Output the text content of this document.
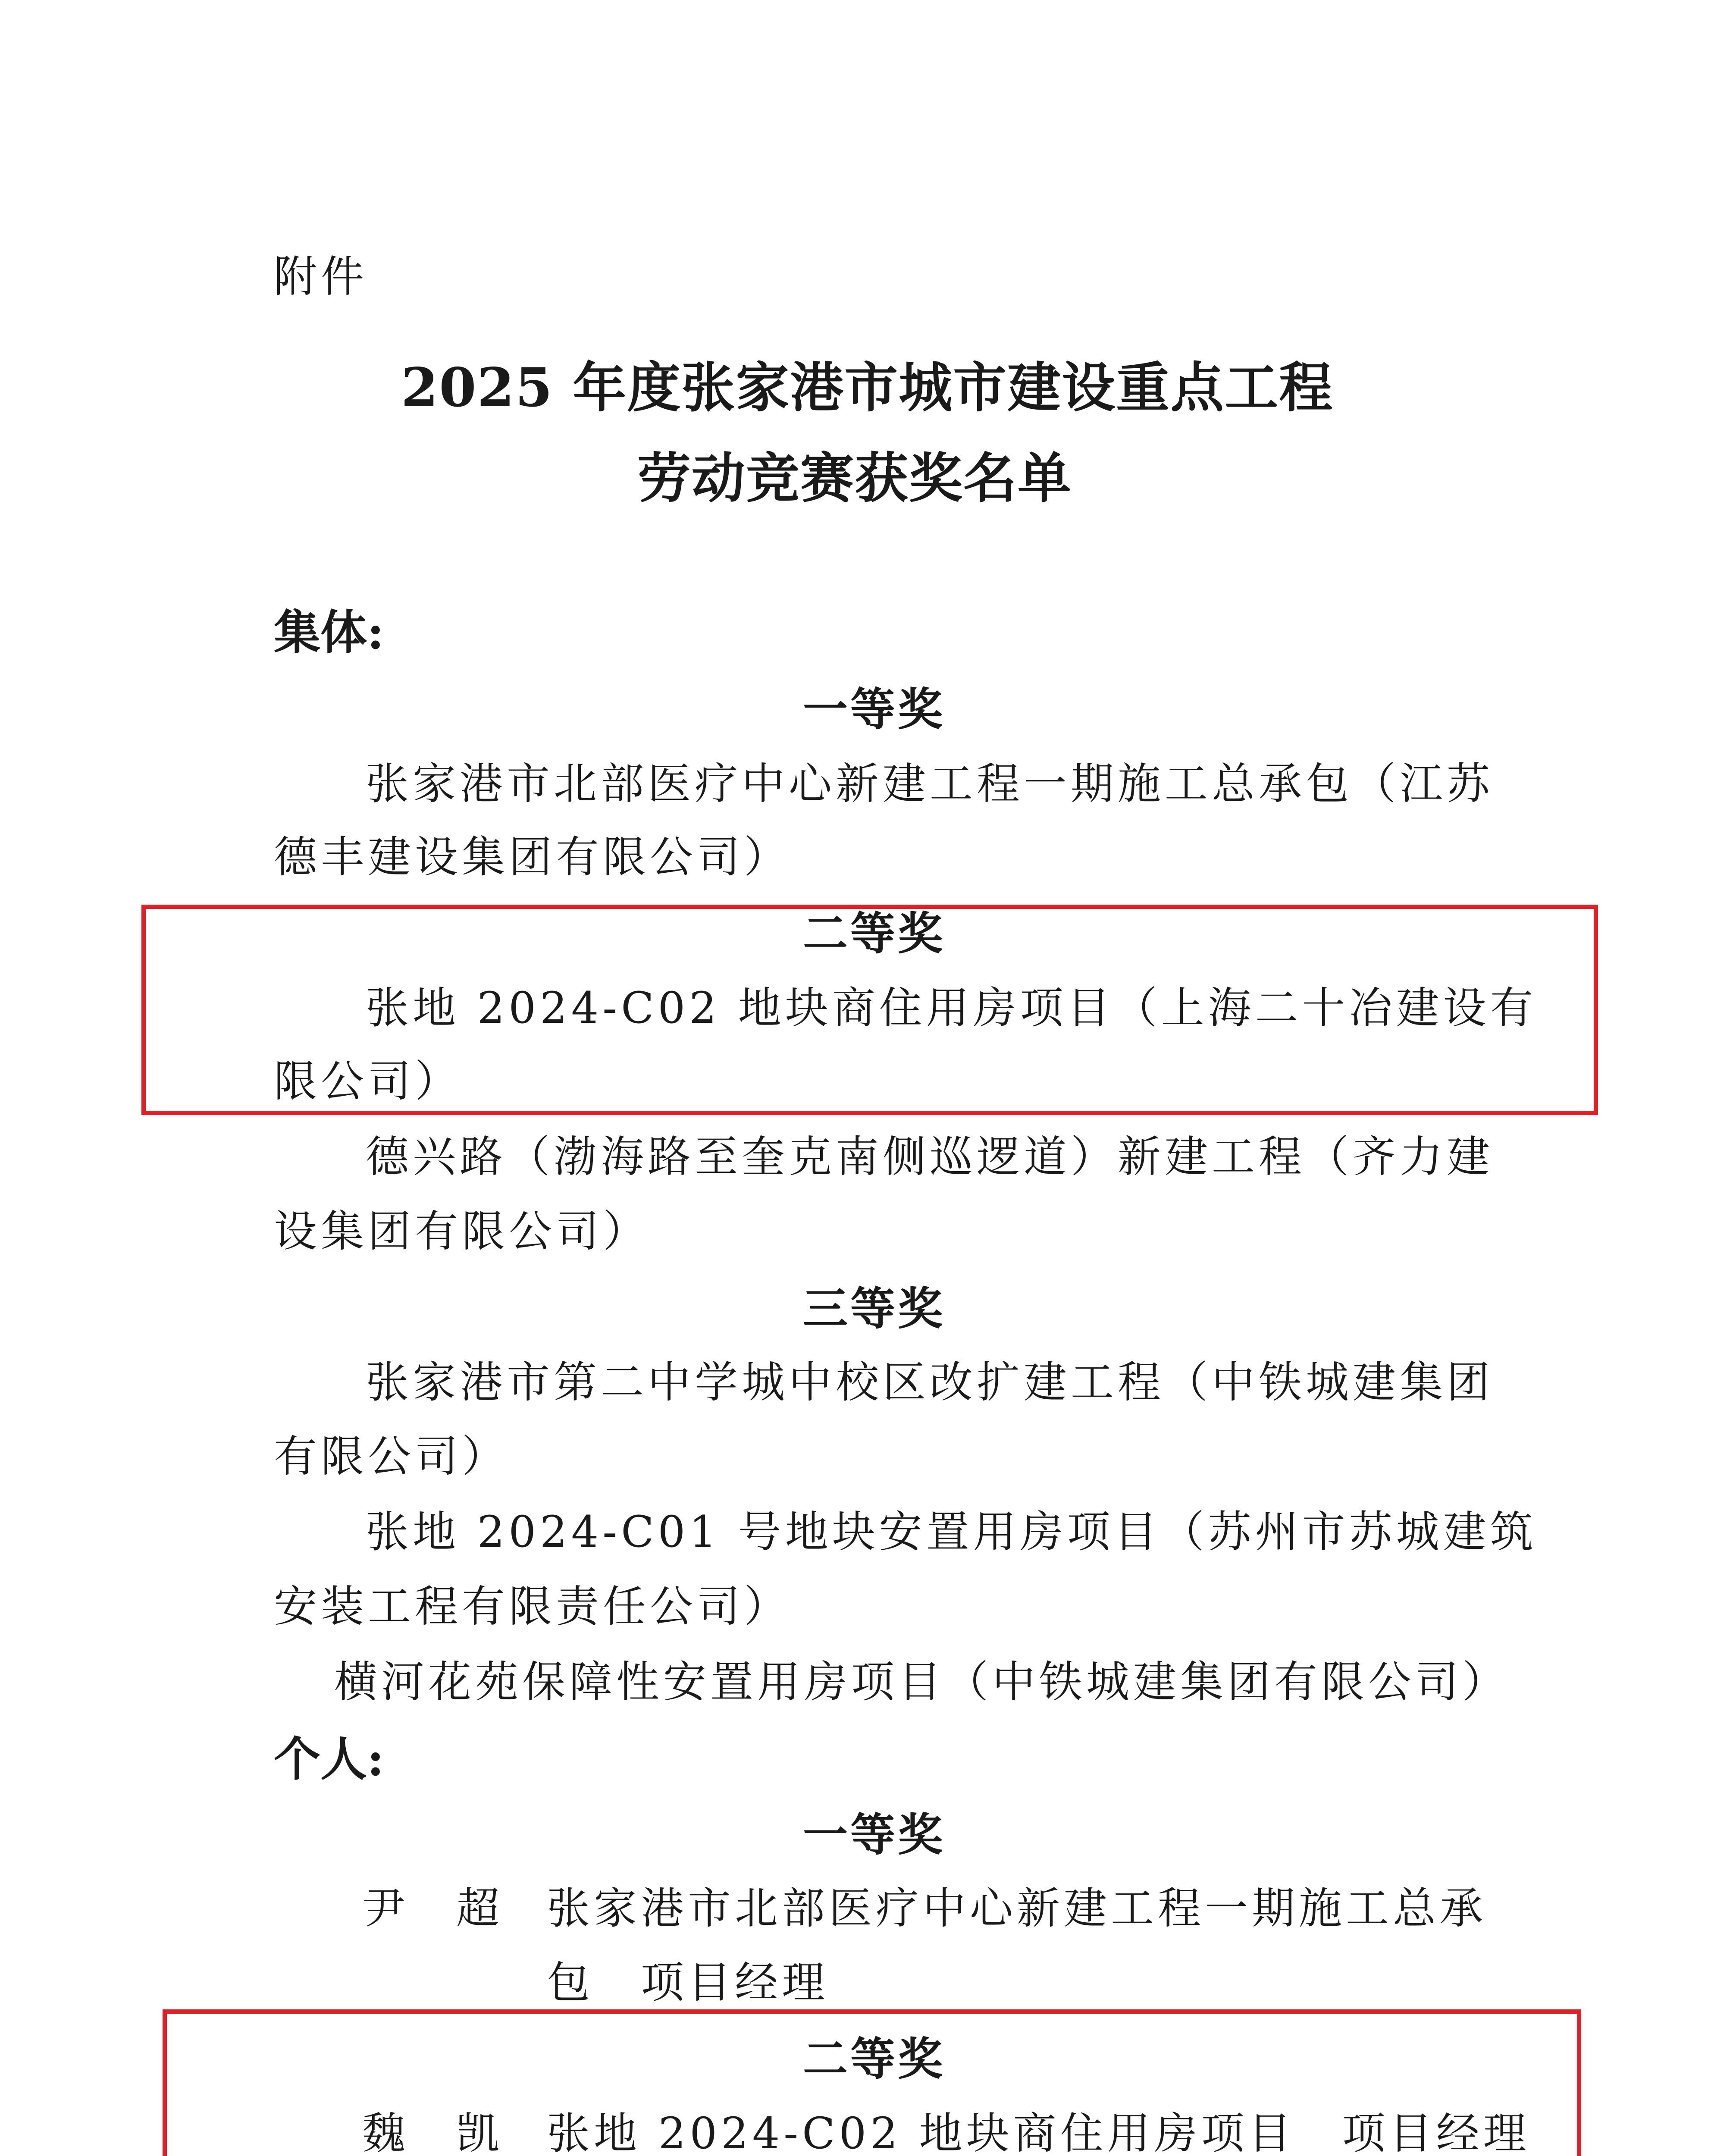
附件
2025 年度张家港市城市建设重点工程
劳动竞赛获奖名单
集体:
一等奖
张家港市北部医疗中心新建工程一期施工总承包（江苏
德丰建设集团有限公司）
二等奖
张地 2024-C02 地块商住用房项目（上海二十冶建设有
限公司）
德兴路（渤海路至奎克南侧巡逻道）新建工程（齐力建
设集团有限公司）
三等奖
张家港市第二中学城中校区改扩建工程（中铁城建集团
有限公司）
张地 2024-C01 号地块安置用房项目（苏州市苏城建筑
安装工程有限责任公司）
横河花苑保障性安置用房项目（中铁城建集团有限公司）
个人:
一等奖
尹　超 张家港市北部医疗中心新建工程一期施工总承
包　项目经理
二等奖
魏　凯 张地 2024-C02 地块商住用房项目　项目经理
